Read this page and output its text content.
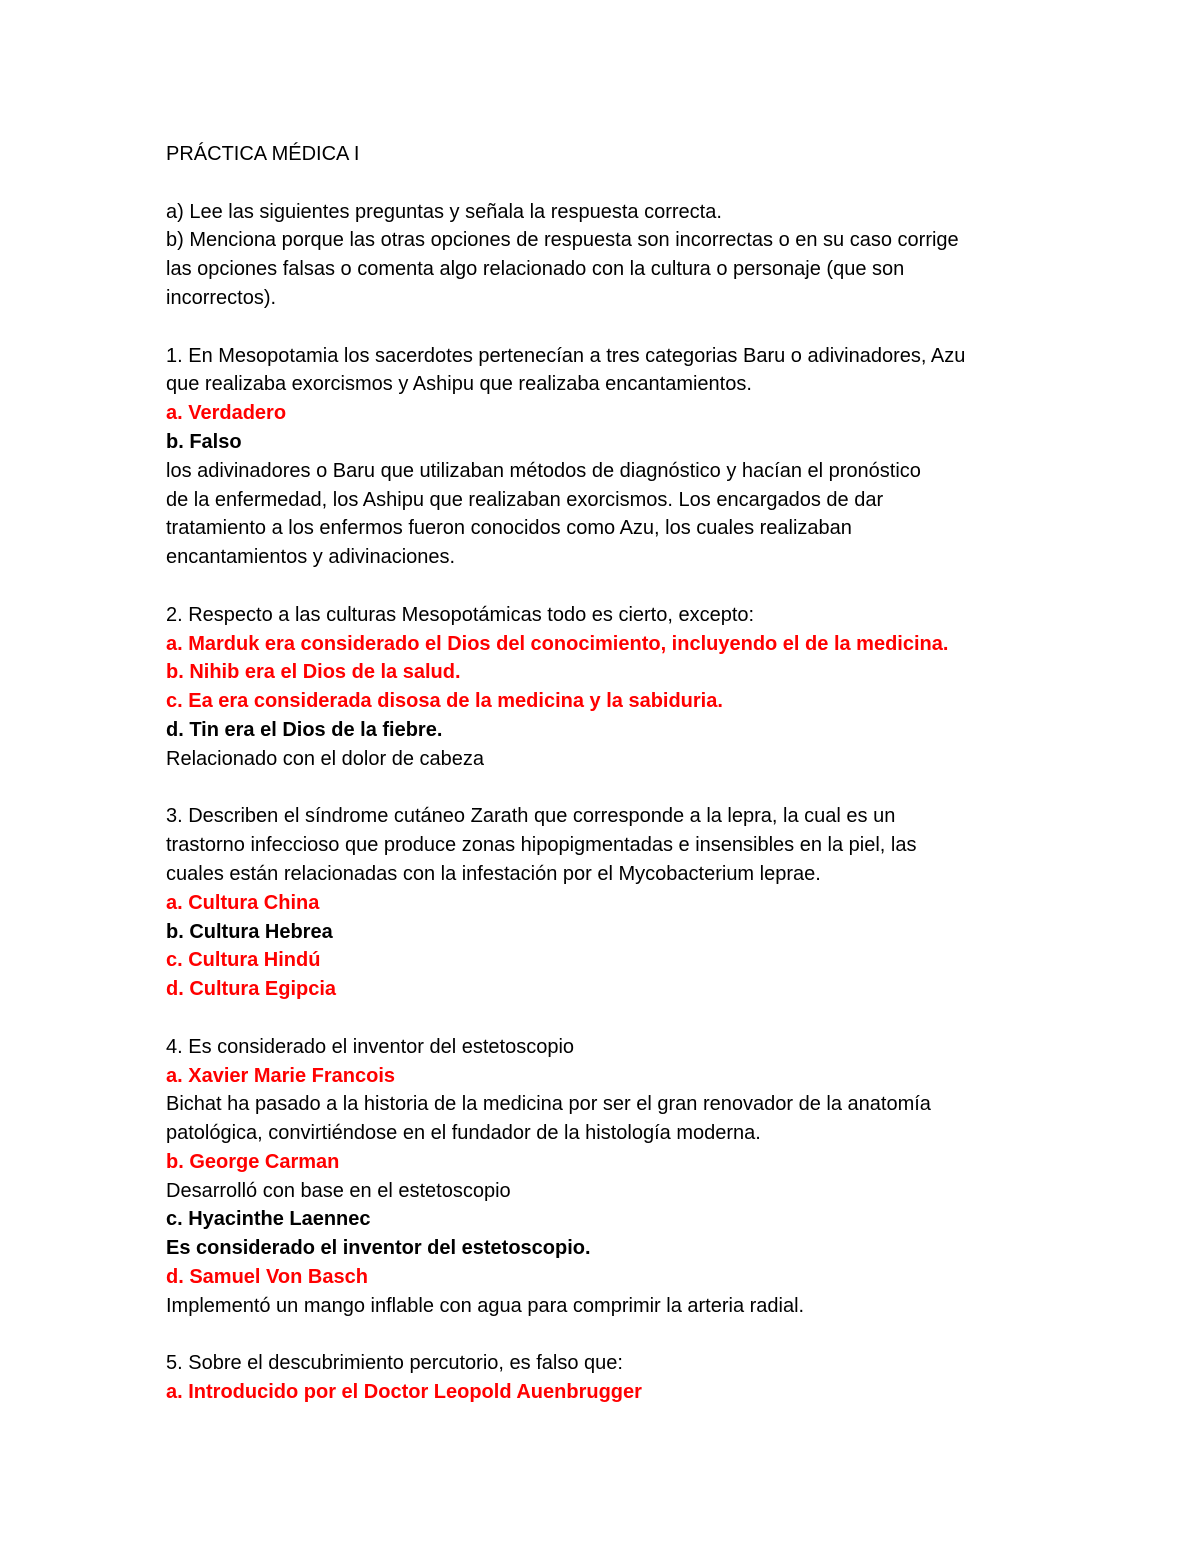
PRÁCTICA MÉDICA I
a) Lee las siguientes preguntas y señala la respuesta correcta.
b) Menciona porque las otras opciones de respuesta son incorrectas o en su caso corrige
las opciones falsas o comenta algo relacionado con la cultura o personaje (que son
incorrectos).
1. En Mesopotamia los sacerdotes pertenecían a tres categorias Baru o adivinadores, Azu
que realizaba exorcismos y Ashipu que realizaba encantamientos.
a. Verdadero
b. Falso
los adivinadores o Baru que utilizaban métodos de diagnóstico y hacían el pronóstico
de la enfermedad, los Ashipu que realizaban exorcismos. Los encargados de dar
tratamiento a los enfermos fueron conocidos como Azu, los cuales realizaban
encantamientos y adivinaciones.
2. Respecto a las culturas Mesopotámicas todo es cierto, excepto:
a. Marduk era considerado el Dios del conocimiento, incluyendo el de la medicina.
b. Nihib era el Dios de la salud.
c. Ea era considerada disosa de la medicina y la sabiduria.
d. Tin era el Dios de la fiebre.
Relacionado con el dolor de cabeza
3. Describen el síndrome cutáneo Zarath que corresponde a la lepra, la cual es un
trastorno infeccioso que produce zonas hipopigmentadas e insensibles en la piel, las
cuales están relacionadas con la infestación por el Mycobacterium leprae.
a. Cultura China
b. Cultura Hebrea
c. Cultura Hindú
d. Cultura Egipcia
4. Es considerado el inventor del estetoscopio
a. Xavier Marie Francois
Bichat ha pasado a la historia de la medicina por ser el gran renovador de la anatomía
patológica, convirtiéndose en el fundador de la histología moderna.
b. George Carman
Desarrolló con base en el estetoscopio
c. Hyacinthe Laennec
Es considerado el inventor del estetoscopio.
d. Samuel Von Basch
Implementó un mango inflable con agua para comprimir la arteria radial.
5. Sobre el descubrimiento percutorio, es falso que:
a. Introducido por el Doctor Leopold Auenbrugger
